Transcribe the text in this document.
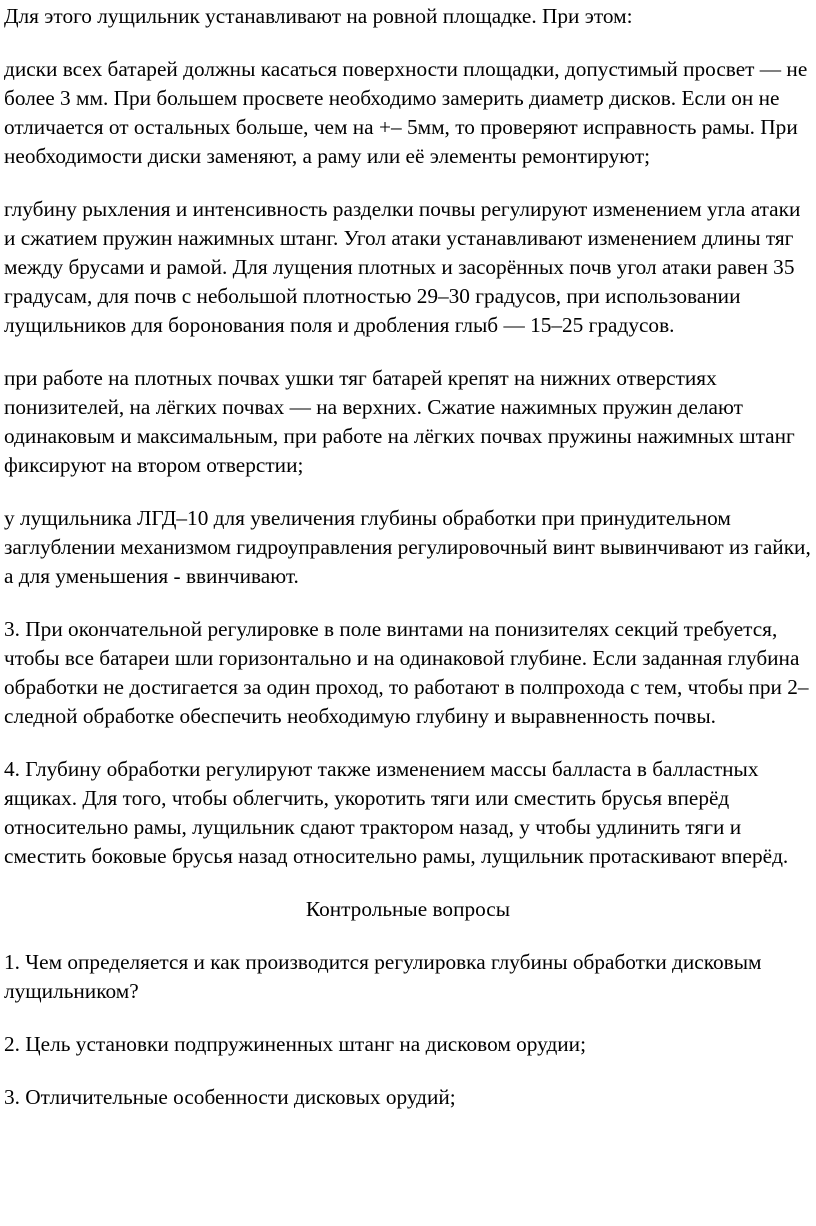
Для этого лущильник устанавливают на ровной площадке. При этом:

диски всех батарей должны касаться поверхности площадки, допустимый просвет — не более 3 мм. При большем просвете необходимо замерить диаметр дисков. Если он не отличается от остальных больше, чем на +– 5мм, то проверяют исправность рамы. При необходимости диски заменяют, а раму или её элементы ремонтируют;

глубину рыхления и интенсивность разделки почвы регулируют изменением угла атаки и сжатием пружин нажимных штанг. Угол атаки устанавливают изменением длины тяг между брусами и рамой. Для лущения плотных и засорённых почв угол атаки равен 35 градусам, для почв с небольшой плотностью 29–30 градусов, при использовании лущильников для боронования поля и дробления глыб — 15–25 градусов.

при работе на плотных почвах ушки тяг батарей крепят на нижних отверстиях понизителей, на лёгких почвах — на верхних. Сжатие нажимных пружин делают одинаковым и максимальным, при работе на лёгких почвах пружины нажимных штанг фиксируют на втором отверстии;

у лущильника ЛГД–10 для увеличения глубины обработки при принудительном заглублении механизмом гидроуправления регулировочный винт вывинчивают из гайки, а для уменьшения - ввинчивают.

3. При окончательной регулировке в поле винтами на понизителях секций требуется, чтобы все батареи шли горизонтально и на одинаковой глубине. Если заданная глубина обработки не достигается за один проход, то работают в полпрохода с тем, чтобы при 2–следной обработке обеспечить необходимую глубину и выравненность почвы.

4. Глубину обработки регулируют также изменением массы балласта в балластных ящиках. Для того, чтобы облегчить, укоротить тяги или сместить брусья вперёд относительно рамы, лущильник сдают трактором назад, у чтобы удлинить тяги и сместить боковые брусья назад относительно рамы, лущильник протаскивают вперёд.

Контрольные вопросы

1. Чем определяется и как производится регулировка глубины обработки дисковым лущильником?

2. Цель установки подпружиненных штанг на дисковом орудии;

3. Отличительные особенности дисковых орудий;
